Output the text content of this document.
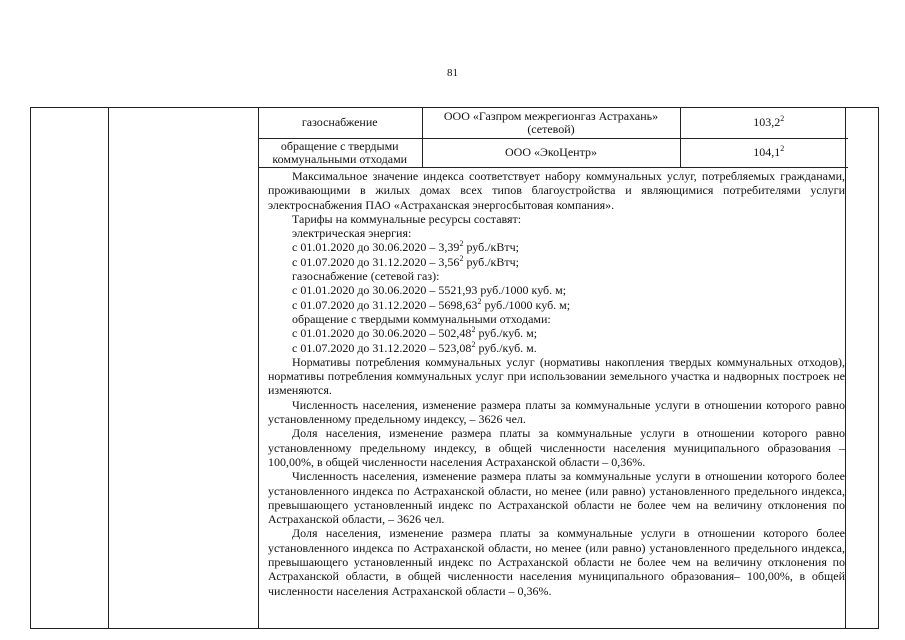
81
газоснабжение	ООО «Газпром межрегионгаз Астрахань» (сетевой)	103,2$^2$
обращение с твердыми коммунальными отходами	ООО «ЭкоЦентр»	104,1$^2$

Максимальное значение индекса соответствует набору коммунальных услуг, потребляемых гражданами, проживающими в жилых домах всех типов благоустройства и являющимися потребителями услуги электроснабжения ПАО «Астраханская энергосбытовая компания».

Тарифы на коммунальные ресурсы составят:

электрическая энергия:

с 01.01.2020 до 30.06.2020 – 3,39$^2$ руб./кВтч;

с 01.07.2020 до 31.12.2020 – 3,56$^2$ руб./кВтч;

газоснабжение (сетевой газ):

с 01.01.2020 до 30.06.2020 – 5521,93 руб./1000 куб. м;

с 01.07.2020 до 31.12.2020 – 5698,63$^2$ руб./1000 куб. м;

обращение с твердыми коммунальными отходами:

с 01.01.2020 до 30.06.2020 – 502,48$^2$ руб./куб. м;

с 01.07.2020 до 31.12.2020 – 523,08$^2$ руб./куб. м.

Нормативы потребления коммунальных услуг (нормативы накопления твердых коммунальных отходов), нормативы потребления коммунальных услуг при использовании земельного участка и надворных построек не изменяются.

Численность населения, изменение размера платы за коммунальные услуги в отношении которого равно установленному предельному индексу, – 3626 чел.

Доля населения, изменение размера платы за коммунальные услуги в отношении которого равно установленному предельному индексу, в общей численности населения муниципального образования – 100,00%, в общей численности населения Астраханской области – 0,36%.

Численность населения, изменение размера платы за коммунальные услуги в отношении которого более установленного индекса по Астраханской области, но менее (или равно) установленного предельного индекса, превышающего установленный индекс по Астраханской области не более чем на величину отклонения по Астраханской области, – 3626 чел.

Доля населения, изменение размера платы за коммунальные услуги в отношении которого более установленного индекса по Астраханской области, но менее (или равно) установленного предельного индекса, превышающего установленный индекс по Астраханской области не более чем на величину отклонения по Астраханской области, в общей численности населения муниципального образования– 100,00%, в общей численности населения Астраханской области – 0,36%.
